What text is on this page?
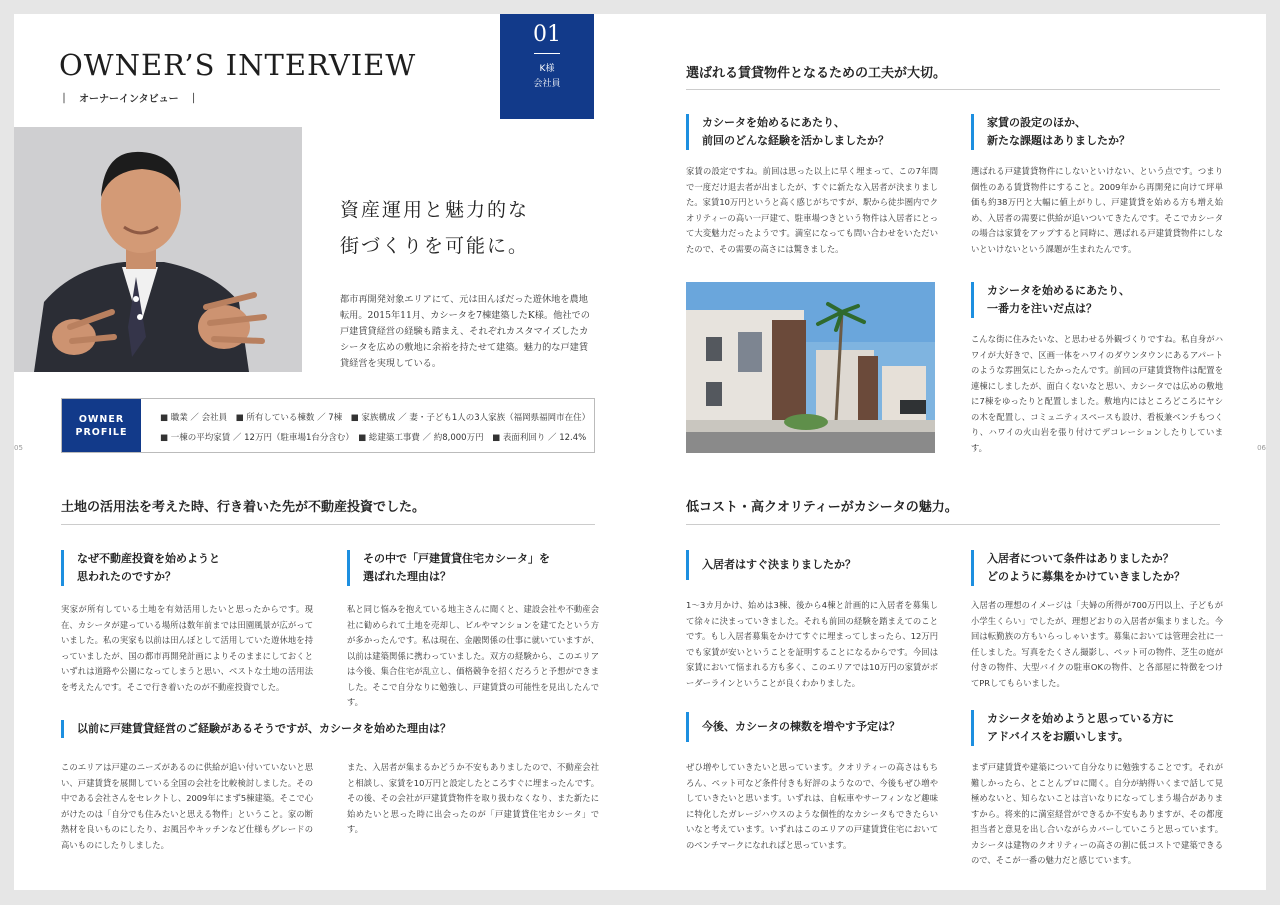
OWNER’S INTERVIEW
｜　オーナーインタビュー　｜
01
K様
会社員
資産運用と魅力的な
街づくりを可能に。
都市再開発対象エリアにて、元は田んぼだった遊休地を農地転用。2015年11月、カシータを7棟建築したK様。他社での戸建賃貸経営の経験も踏まえ、それぞれカスタマイズしたカシータを広めの敷地に余裕を持たせて建築。魅力的な戸建賃貸経営を実現している。
OWNER
PROFILE
■ 職業 ／ 会社員　■ 所有している棟数 ／ 7棟　■ 家族構成 ／ 妻・子ども1人の3人家族（福岡県福岡市在住）
■ 一棟の平均家賃 ／ 12万円（駐車場1台分含む）　■ 総建築工事費 ／ 約8,000万円　■ 表面利回り ／ 12.4%
05
土地の活用法を考えた時、行き着いた先が不動産投資でした。
なぜ不動産投資を始めようと
思われたのですか？
実家が所有している土地を有効活用したいと思ったからです。現在、カシータが建っている場所は数年前までは田園風景が広がっていました。私の実家も以前は田んぼとして活用していた遊休地を持っていましたが、国の都市再開発計画によりそのままにしておくといずれは道路や公園になってしまうと思い、ベストな土地の活用法を考えたんです。そこで行き着いたのが不動産投資でした。
その中で「戸建賃貸住宅カシータ」を
選ばれた理由は？
私と同じ悩みを抱えている地主さんに聞くと、建設会社や不動産会社に勧められて土地を売却し、ビルやマンションを建てたという方が多かったんです。私は現在、金融関係の仕事に就いていますが、以前は建築関係に携わっていました。双方の経験から、このエリアは今後、集合住宅が乱立し、価格競争を招くだろうと予想ができました。そこで自分なりに勉強し、戸建賃貸の可能性を見出したんです。
以前に戸建賃貸経営のご経験があるそうですが、カシータを始めた理由は？
このエリアは戸建のニーズがあるのに供給が追い付いていないと思い、戸建賃貸を展開している全国の会社を比較検討しました。その中である会社さんをセレクトし、2009年にまず5棟建築。そこで心がけたのは「自分でも住みたいと思える物件」ということ。家の断熱材を良いものにしたり、お風呂やキッチンなど仕様もグレードの高いものにしたりしました。
また、入居者が集まるかどうか不安もありましたので、不動産会社と相談し、家賃を10万円と設定したところすぐに埋まったんです。その後、その会社が戸建賃貸物件を取り扱わなくなり、また新たに始めたいと思った時に出会ったのが「戸建賃貸住宅カシータ」です。
選ばれる賃貸物件となるための工夫が大切。
カシータを始めるにあたり、
前回のどんな経験を活かしましたか？
家賃の設定ですね。前回は思った以上に早く埋まって、この7年間で一度だけ退去者が出ましたが、すぐに新たな入居者が決まりました。家賃10万円というと高く感じがちですが、駅から徒歩圏内でクオリティーの高い一戸建て、駐車場つきという物件は入居者にとって大変魅力だったようです。満室になっても問い合わせをいただいたので、その需要の高さには驚きました。
家賃の設定のほか、
新たな課題はありましたか？
選ばれる戸建賃貸物件にしないといけない、という点です。つまり個性のある賃貸物件にすること。2009年から再開発に向けて坪単価も約38万円と大幅に値上がりし、戸建賃貸を始める方も増え始め、入居者の需要に供給が追いついてきたんです。そこでカシータの場合は家賃をアップすると同時に、選ばれる戸建賃貸物件にしないといけないという課題が生まれたんです。
カシータを始めるにあたり、
一番力を注いだ点は？
こんな街に住みたいな、と思わせる外観づくりですね。私自身がハワイが大好きで、区画一体をハワイのダウンタウンにあるアパートのような雰囲気にしたかったんです。前回の戸建賃貸物件は配置を連棟にしましたが、面白くないなと思い、カシータでは広めの敷地に7棟をゆったりと配置しました。敷地内にはところどころにヤシの木を配置し、コミュニティスペースも設け、看板兼ベンチもつくり、ハワイの火山岩を張り付けてデコレーションしたりしています。	06
低コスト・高クオリティーがカシータの魅力。
入居者はすぐ決まりましたか？
1～3カ月かけ、始めは3棟、後から4棟と計画的に入居者を募集して徐々に決まっていきました。それも前回の経験を踏まえてのことです。もし入居者募集をかけてすぐに埋まってしまったら、12万円でも家賃が安いということを証明することになるからです。今回は家賃において悩まれる方も多く、このエリアでは10万円の家賃がボーダーラインということが良くわかりました。
入居者について条件はありましたか？
どのように募集をかけていきましたか？
入居者の理想のイメージは「夫婦の所得が700万円以上、子どもが小学生くらい」でしたが、理想どおりの入居者が集まりました。今回は転勤族の方もいらっしゃいます。募集においては管理会社に一任しました。写真をたくさん撮影し、ペット可の物件、芝生の庭が付きの物件、大型バイクの駐車OKの物件、と各部屋に特徴をつけてPRしてもらいました。
今後、カシータの棟数を増やす予定は？
ぜひ増やしていきたいと思っています。クオリティーの高さはもちろん、ペット可など条件付きも好評のようなので、今後もぜひ増やしていきたいと思います。いずれは、自転車やサーフィンなど趣味に特化したガレージハウスのような個性的なカシータもできたらいいなと考えています。いずれはこのエリアの戸建賃貸住宅においてのベンチマークになれればと思っています。
カシータを始めようと思っている方に
アドバイスをお願いします。
まず戸建賃貸や建築について自分なりに勉強することです。それが難しかったら、とことんプロに聞く。自分が納得いくまで話して見極めないと、知らないことは言いなりになってしまう場合がありますから。将来的に満室経営ができるか不安もありますが、その都度担当者と意見を出し合いながらカバーしていこうと思っています。カシータは建物のクオリティーの高さの割に低コストで建築できるので、そこが一番の魅力だと感じています。
